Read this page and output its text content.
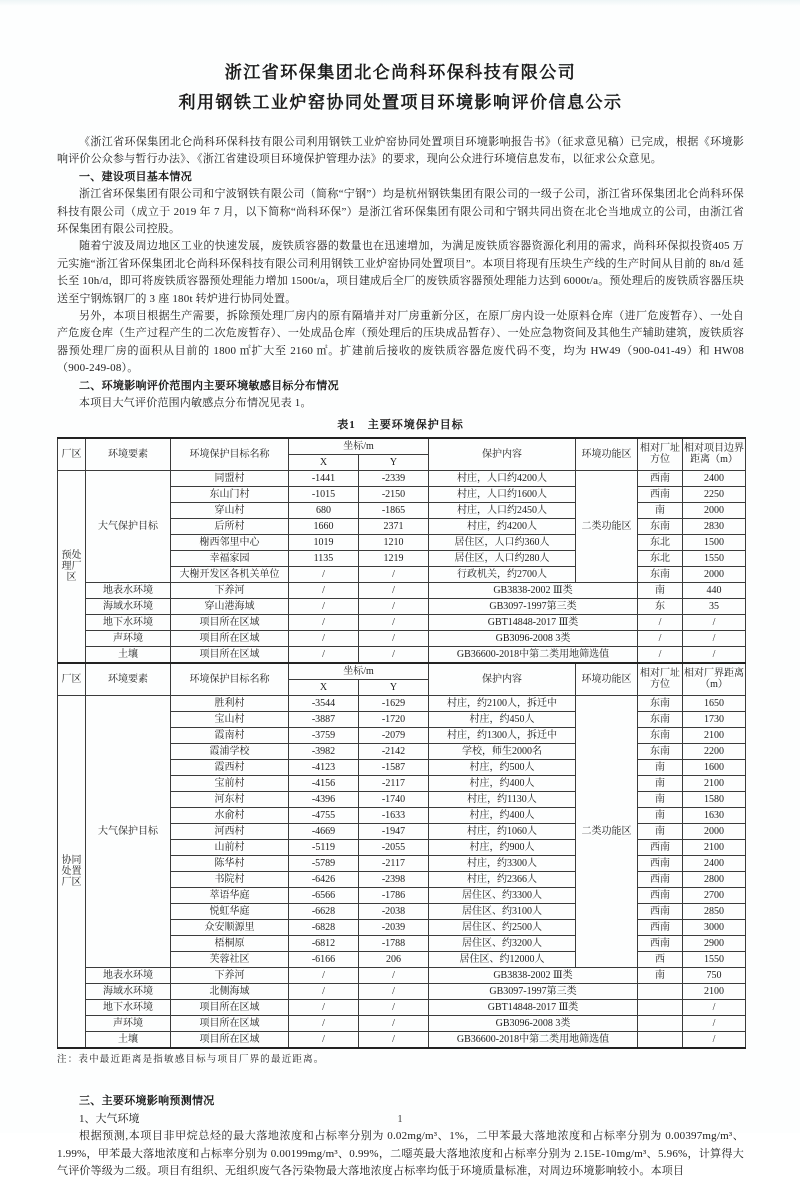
浙江省环保集团北仑尚科环保科技有限公司
利用钢铁工业炉窑协同处置项目环境影响评价信息公示

《浙江省环保集团北仑尚科环保科技有限公司利用钢铁工业炉窑协同处置项目环境影响报告书》（征求意见稿）已完成，根据《环境影响评价公众参与暂行办法》、《浙江省建设项目环境保护管理办法》的要求，现向公众进行环境信息发布，以征求公众意见。

一、建设项目基本情况

浙江省环保集团有限公司和宁波钢铁有限公司（简称“宁钢”）均是杭州钢铁集团有限公司的一级子公司，浙江省环保集团北仑尚科环保科技有限公司（成立于 2019 年 7 月，以下简称“尚科环保”）是浙江省环保集团有限公司和宁钢共同出资在北仑当地成立的公司，由浙江省环保集团有限公司控股。

随着宁波及周边地区工业的快速发展，废铁质容器的数量也在迅速增加，为满足废铁质容器资源化利用的需求，尚科环保拟投资405 万元实施“浙江省环保集团北仑尚科环保科技有限公司利用钢铁工业炉窑协同处置项目”。本项目将现有压块生产线的生产时间从目前的 8h/d 延长至 10h/d，即可将废铁质容器预处理能力增加 1500t/a，项目建成后全厂的废铁质容器预处理能力达到 6000t/a。预处理后的废铁质容器压块送至宁钢炼钢厂的 3 座 180t 转炉进行协同处置。

另外，本项目根据生产需要，拆除预处理厂房内的原有隔墙并对厂房重新分区，在原厂房内设一处原料仓库（进厂危废暂存）、一处自产危废仓库（生产过程产生的二次危废暂存）、一处成品仓库（预处理后的压块成品暂存）、一处应急物资间及其他生产辅助建筑，废铁质容器预处理厂房的面积从目前的 1800 ㎡扩大至 2160 ㎡。扩建前后接收的废铁质容器危废代码不变，均为 HW49（900-041-49）和 HW08（900-249-08）。

二、环境影响评价范围内主要环境敏感目标分布情况

本项目大气评价范围内敏感点分布情况见表 1。

表1　主要环境保护目标
厂区	环境要素	环境保护目标名称	坐标/m		保护内容	环境功能区	相对厂址方位	相对项目边界距离（m）
			X	Y				
预处理厂区	大气保护目标	同盟村	-1441	-2339	村庄，人口约4200人	二类功能区	西南	2400
		东山门村	-1015	-2150	村庄，人口约1600人		西南	2250
		穿山村	680	-1865	村庄，人口约2450人		南	2000
		后所村	1660	2371	村庄，约4200人		东南	2830
		榭西邻里中心	1019	1210	居住区，人口约360人		东北	1500
		幸福家园	1135	1219	居住区，人口约280人		东北	1550
		大榭开发区各机关单位	/	/	行政机关，约2700人		东南	2000
	地表水环境	下养河	/	/	GB3838-2002 Ⅲ类		南	440
	海域水环境	穿山港海域	/	/	GB3097-1997第三类		东	35
	地下水环境	项目所在区域	/	/	GBT14848-2017 Ⅲ类		/	/
	声环境	项目所在区域	/	/	GB3096-2008 3类		/	/
	土壤	项目所在区域	/	/	GB36600-2018中第二类用地筛选值		/	/
厂区	环境要素	环境保护目标名称	坐标/m		保护内容	环境功能区	相对厂址方位	相对厂界距离（m）
			X	Y				
协同处置厂区	大气保护目标	胜利村	-3544	-1629	村庄，约2100人，拆迁中	二类功能区	东南	1650
		宝山村	-3887	-1720	村庄，约450人		东南	1730
		霞南村	-3759	-2079	村庄，约1300人，拆迁中		东南	2100
		霞浦学校	-3982	-2142	学校，师生2000名		东南	2200
		霞西村	-4123	-1587	村庄，约500人		南	1600
		宝前村	-4156	-2117	村庄，约400人		南	2100
		河东村	-4396	-1740	村庄，约1130人		南	1580
		水俞村	-4755	-1633	村庄，约400人		南	1630
		河西村	-4669	-1947	村庄，约1060人		南	2000
		山前村	-5119	-2055	村庄，约900人		西南	2100
		陈华村	-5789	-2117	村庄，约3300人		西南	2400
		书院村	-6426	-2398	村庄，约2366人		西南	2800
		萃语华庭	-6566	-1786	居住区、约3300人		西南	2700
		悦虹华庭	-6628	-2038	居住区、约3100人		西南	2850
		众安顺源里	-6828	-2039	居住区、约2500人		西南	3000
		梧桐原	-6812	-1788	居住区、约3200人		西南	2900
		芙蓉社区	-6166	206	居住区、约12000人		西	1550
	地表水环境	下养河	/	/	GB3838-2002 Ⅲ类		南	750
	海域水环境	北侧海域	/	/	GB3097-1997第三类			2100
	地下水环境	项目所在区域	/	/	GBT14848-2017 Ⅲ类			/
	声环境	项目所在区域	/	/	GB3096-2008 3类			/
	土壤	项目所在区域	/	/	GB36600-2018中第二类用地筛选值			/
注：表中最近距离是指敏感目标与项目厂界的最近距离。

三、主要环境影响预测情况

1、大气环境

根据预测,本项目非甲烷总烃的最大落地浓度和占标率分别为 0.02mg/m³、1%，二甲苯最大落地浓度和占标率分别为 0.00397mg/m³、1.99%，甲苯最大落地浓度和占标率分别为 0.00199mg/m³、0.99%，二噁英最大落地浓度和占标率分别为 2.15E-10mg/m³、5.96%，计算得大气评价等级为二级。项目有组织、无组织废气各污染物最大落地浓度占标率均低于环境质量标准，对周边环境影响较小。本项目

1
